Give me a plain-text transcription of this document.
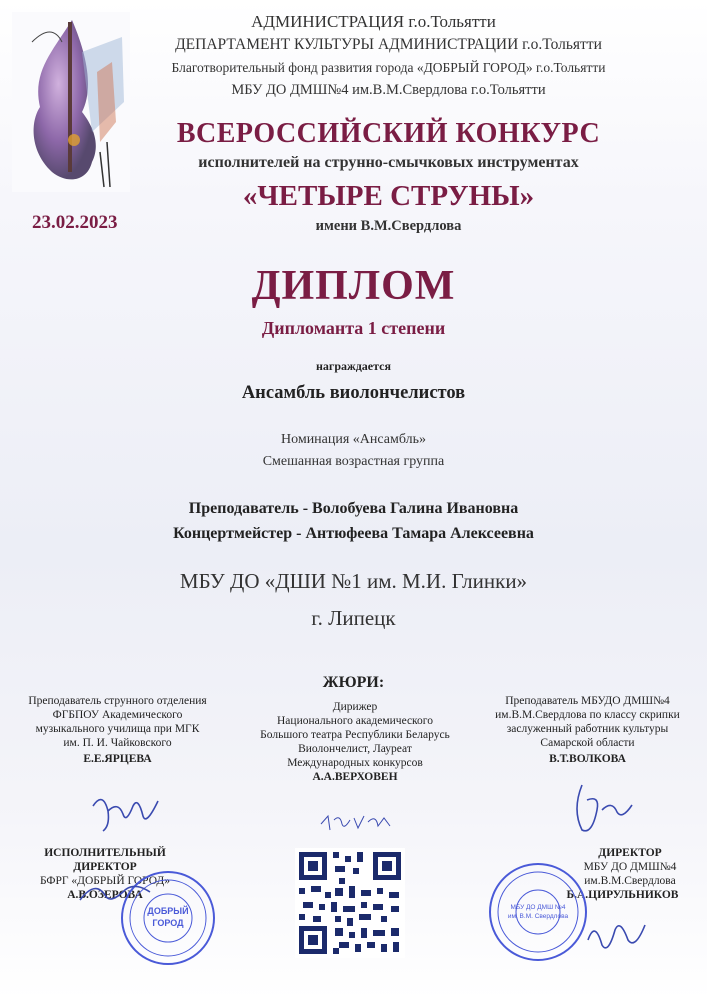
АДМИНИСТРАЦИЯ г.о.Тольятти
ДЕПАРТАМЕНТ КУЛЬТУРЫ АДМИНИСТРАЦИИ г.о.Тольятти
Благотворительный фонд развития города «ДОБРЫЙ ГОРОД» г.о.Тольятти
МБУ ДО ДМШ№4 им.В.М.Свердлова г.о.Тольятти
ВСЕРОССИЙСКИЙ КОНКУРС
исполнителей на струнно-смычковых инструментах
«ЧЕТЫРЕ СТРУНЫ»
имени В.М.Свердлова
23.02.2023
ДИПЛОМ
Дипломанта 1 степени
награждается
Ансамбль виолончелистов
Номинация «Ансамбль»
Смешанная возрастная группа
Преподаватель - Волобуева Галина Ивановна
Концертмейстер - Антюфеева Тамара Алексеевна
МБУ ДО «ДШИ №1 им. М.И. Глинки»
г. Липецк
ЖЮРИ:
Преподаватель струнного отделения
ФГБПОУ Академического
музыкального училища при МГК
им. П. И. Чайковского
Е.Е.ЯРЦЕВА
Дирижер
Национального академического
Большого театра Республики Беларусь
Виолончелист, Лауреат
Международных конкурсов
А.А.ВЕРХОВЕН
Преподаватель МБУДО ДМШ№4
им.В.М.Свердлова по классу скрипки
заслуженный работник культуры
Самарской области
В.Т.ВОЛКОВА
ИСПОЛНИТЕЛЬНЫЙ
ДИРЕКТОР
БФРГ «ДОБРЫЙ ГОРОД»
А.В.ОЗЕРОВА
ДОБРЫЙ
ГОРОД
ДИРЕКТОР
МБУ ДО ДМШ№4
им.В.М.Свердлова
Б.А.ЦИРУЛЬНИКОВ
МБУ ДО ДМШ №4
им. В.М. Свердлова
